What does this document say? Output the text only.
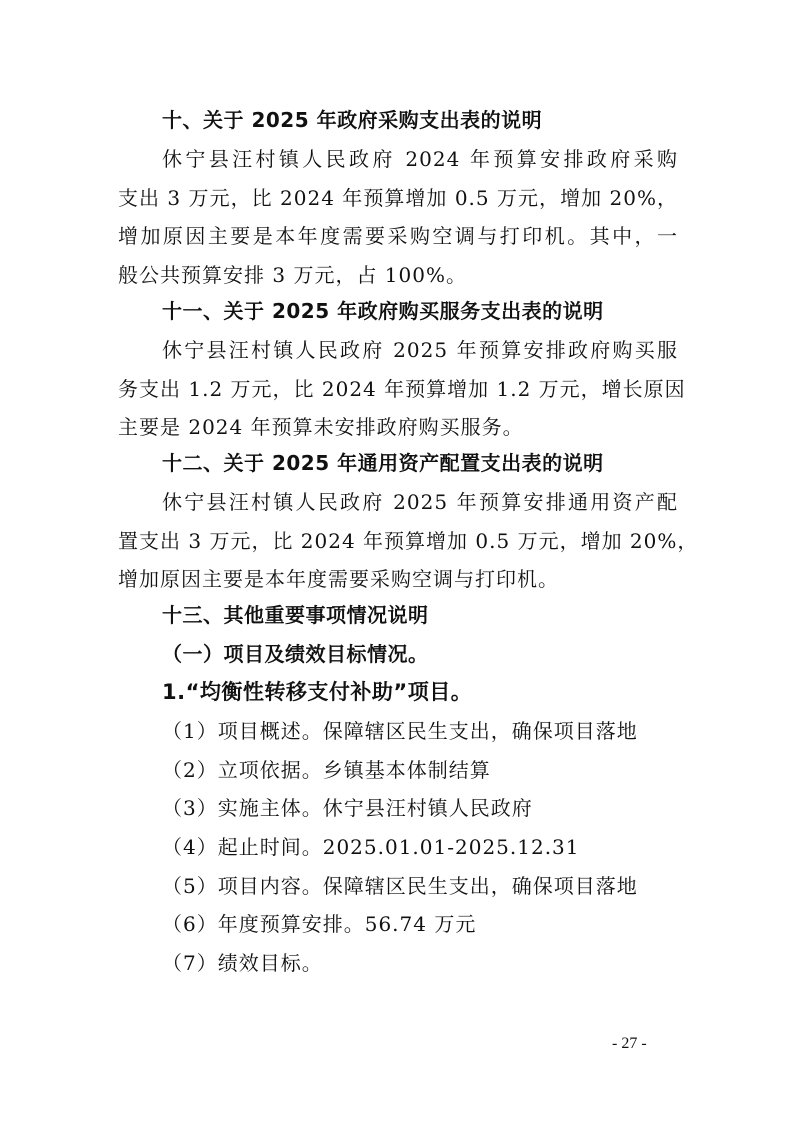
十、关于 2025 年政府采购支出表的说明
休宁县汪村镇人民政府 2024 年预算安排政府采购
支出 3 万元，比 2024 年预算增加 0.5 万元，增加 20%，
增加原因主要是本年度需要采购空调与打印机。其中，一
般公共预算安排 3 万元，占 100%。
十一、关于 2025 年政府购买服务支出表的说明
休宁县汪村镇人民政府 2025 年预算安排政府购买服
务支出 1.2 万元，比 2024 年预算增加 1.2 万元，增长原因
主要是 2024 年预算未安排政府购买服务。
十二、关于 2025 年通用资产配置支出表的说明
休宁县汪村镇人民政府 2025 年预算安排通用资产配
置支出 3 万元，比 2024 年预算增加 0.5 万元，增加 20%，
增加原因主要是本年度需要采购空调与打印机。
十三、其他重要事项情况说明
（一）项目及绩效目标情况。
1.“均衡性转移支付补助”项目。
（1）项目概述。保障辖区民生支出，确保项目落地
（2）立项依据。乡镇基本体制结算
（3）实施主体。休宁县汪村镇人民政府
（4）起止时间。2025.01.01-2025.12.31
（5）项目内容。保障辖区民生支出，确保项目落地
（6）年度预算安排。56.74 万元
（7）绩效目标。
- 27 -
